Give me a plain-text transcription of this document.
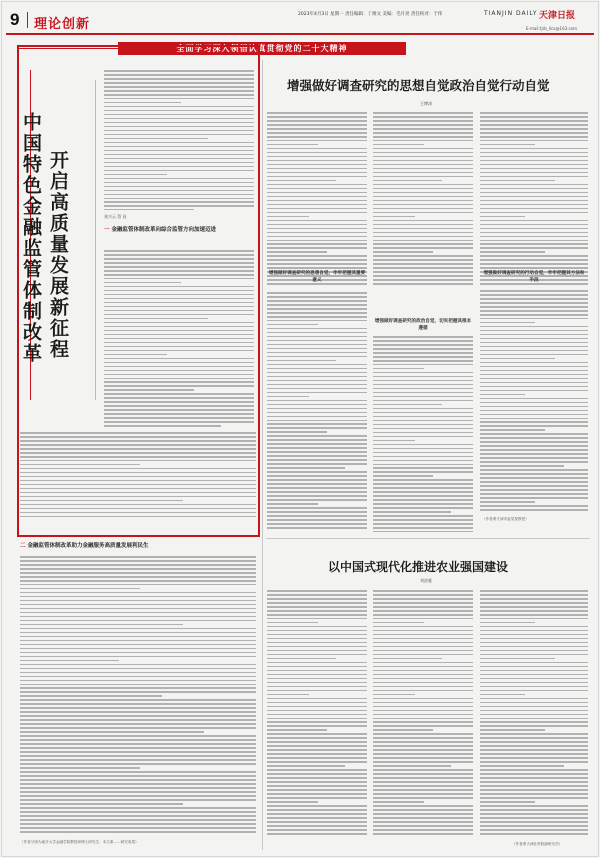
9 理论创新
2023年4月3日 星期一 责任编辑：丁俊文 美编：毛月亮 责任校对：于伟	TIANJIN DAILY 天津日报
E-mail:tjrb_llcx@163.com
全面学习深入领悟认真贯彻党的二十大精神
开启高质量发展新征程
中国特色金融监管体制改革	张兴云 蔡 昌
一 金融监管体制改革向综合监管方向加速迈进
二 金融监管体制改革助力金融服务高质量发展利民生
（作者分别为南开大学金融学院教授和博士研究生；本文系……研究成果）
增强做好调查研究的思想自觉政治自觉行动自觉
王博涛
增强做好调查研究的思想自觉，牢牢把握其重要意义
增强做好调查研究的政治自觉，切实把握其根本遵循
增强做好调查研究的行动自觉，牢牢把握其方法和手段
（作者系天津市委党校教授）
以中国式现代化推进农业强国建设
刘济慈
（作者系天津社科院副研究员）
